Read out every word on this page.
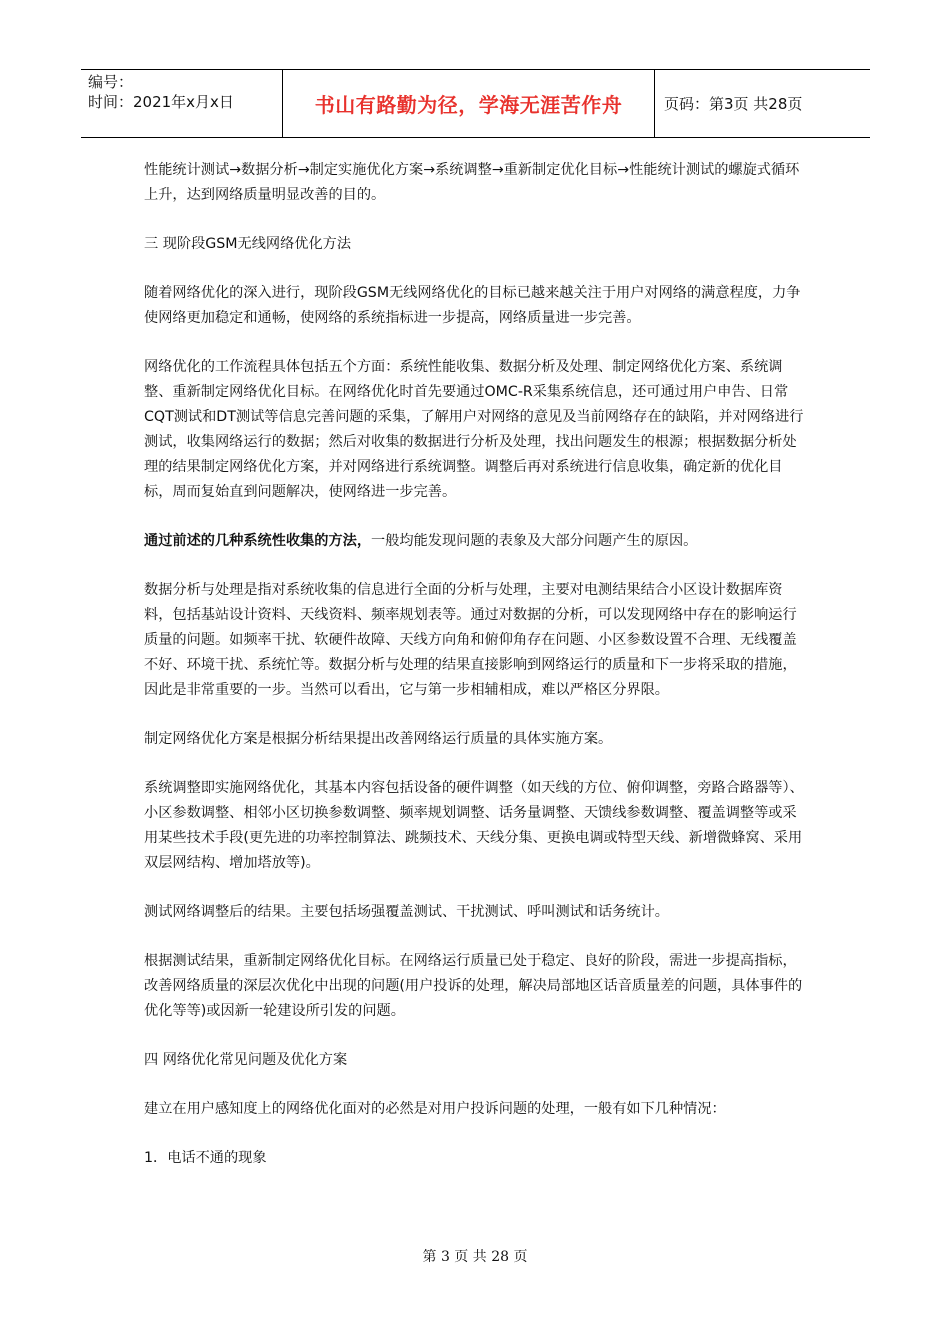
编号：
时间：2021年x月x日	书山有路勤为径，学海无涯苦作舟	页码：第3页 共28页

性能统计测试→数据分析→制定实施优化方案→系统调整→重新制定优化目标→性能统计测试的螺旋式循环上升，达到网络质量明显改善的目的。

三 现阶段GSM无线网络优化方法

随着网络优化的深入进行，现阶段GSM无线网络优化的目标已越来越关注于用户对网络的满意程度，力争使网络更加稳定和通畅，使网络的系统指标进一步提高，网络质量进一步完善。

网络优化的工作流程具体包括五个方面：系统性能收集、数据分析及处理、制定网络优化方案、系统调整、重新制定网络优化目标。在网络优化时首先要通过OMC-R采集系统信息，还可通过用户申告、日常CQT测试和DT测试等信息完善问题的采集，了解用户对网络的意见及当前网络存在的缺陷，并对网络进行测试，收集网络运行的数据；然后对收集的数据进行分析及处理，找出问题发生的根源；根据数据分析处理的结果制定网络优化方案，并对网络进行系统调整。调整后再对系统进行信息收集，确定新的优化目标，周而复始直到问题解决，使网络进一步完善。

通过前述的几种系统性收集的方法，一般均能发现问题的表象及大部分问题产生的原因。

数据分析与处理是指对系统收集的信息进行全面的分析与处理，主要对电测结果结合小区设计数据库资料，包括基站设计资料、天线资料、频率规划表等。通过对数据的分析，可以发现网络中存在的影响运行质量的问题。如频率干扰、软硬件故障、天线方向角和俯仰角存在问题、小区参数设置不合理、无线覆盖不好、环境干扰、系统忙等。数据分析与处理的结果直接影响到网络运行的质量和下一步将采取的措施，因此是非常重要的一步。当然可以看出，它与第一步相辅相成，难以严格区分界限。

制定网络优化方案是根据分析结果提出改善网络运行质量的具体实施方案。

系统调整即实施网络优化，其基本内容包括设备的硬件调整（如天线的方位、俯仰调整，旁路合路器等）、小区参数调整、相邻小区切换参数调整、频率规划调整、话务量调整、天馈线参数调整、覆盖调整等或采用某些技术手段(更先进的功率控制算法、跳频技术、天线分集、更换电调或特型天线、新增微蜂窝、采用双层网结构、增加塔放等)。

测试网络调整后的结果。主要包括场强覆盖测试、干扰测试、呼叫测试和话务统计。

根据测试结果，重新制定网络优化目标。在网络运行质量已处于稳定、良好的阶段，需进一步提高指标，改善网络质量的深层次优化中出现的问题(用户投诉的处理，解决局部地区话音质量差的问题，具体事件的优化等等)或因新一轮建设所引发的问题。

四 网络优化常见问题及优化方案

建立在用户感知度上的网络优化面对的必然是对用户投诉问题的处理，一般有如下几种情况：

1．电话不通的现象

第 3 页 共 28 页
